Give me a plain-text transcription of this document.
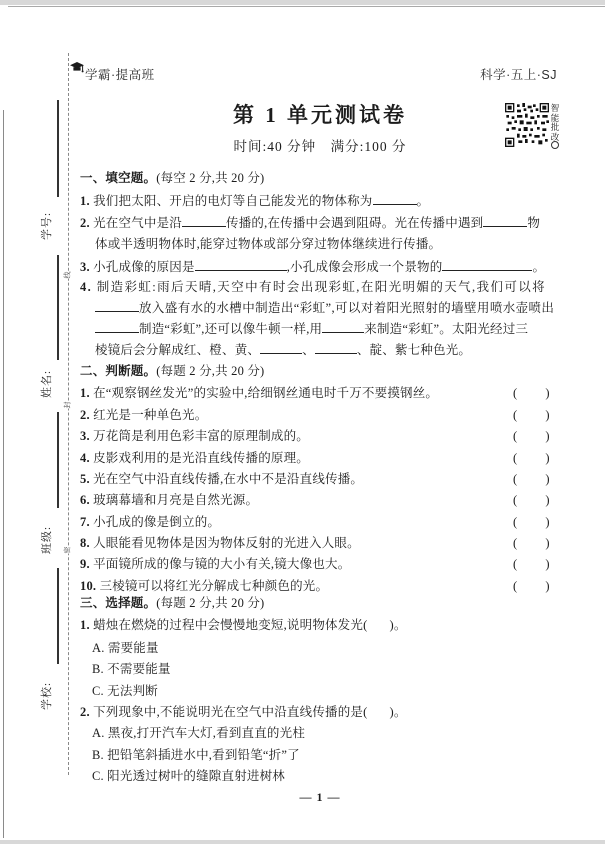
学号:
姓名:
班级:
学校:
线
封
密
学霸·提高班	科学·五上·SJ
第 1 单元测试卷
时间:40 分钟　满分:100 分
智能批改
一、填空题。(每空 2 分,共 20 分)
1. 我们把太阳、开启的电灯等自己能发光的物体称为	。
2. 光在空气中是沿	传播的,在传播中会遇到阻碍。光在传播中遇到	物
体或半透明物体时,能穿过物体或部分穿过物体继续进行传播。
3. 小孔成像的原因是	,小孔成像会形成一个景物的	。
4. 制造彩虹:雨后天晴,天空中有时会出现彩虹,在阳光明媚的天气,我们可以将
放入盛有水的水槽中制造出“彩虹”,可以对着阳光照射的墙壁用喷水壶喷出
制造“彩虹”,还可以像牛顿一样,用	来制造“彩虹”。太阳光经过三
棱镜后会分解成红、橙、黄、	、	、靛、紫七种色光。
二、判断题。(每题 2 分,共 20 分)
1. 在“观察钢丝发光”的实验中,给细钢丝通电时千万不要摸钢丝。	( )
2. 红光是一种单色光。	( )
3. 万花筒是利用色彩丰富的原理制成的。	( )
4. 皮影戏利用的是光沿直线传播的原理。	( )
5. 光在空气中沿直线传播,在水中不是沿直线传播。	( )
6. 玻璃幕墙和月亮是自然光源。	( )
7. 小孔成的像是倒立的。	( )
8. 人眼能看见物体是因为物体反射的光进入人眼。	( )
9. 平面镜所成的像与镜的大小有关,镜大像也大。	( )
10. 三棱镜可以将红光分解成七种颜色的光。	( )
三、选择题。(每题 2 分,共 20 分)
1. 蜡烛在燃烧的过程中会慢慢地变短,说明物体发光( )。
A. 需要能量
B. 不需要能量
C. 无法判断
2. 下列现象中,不能说明光在空气中沿直线传播的是( )。
A. 黑夜,打开汽车大灯,看到直直的光柱
B. 把铅笔斜插进水中,看到铅笔“折”了
C. 阳光透过树叶的缝隙直射进树林
— 1 —
